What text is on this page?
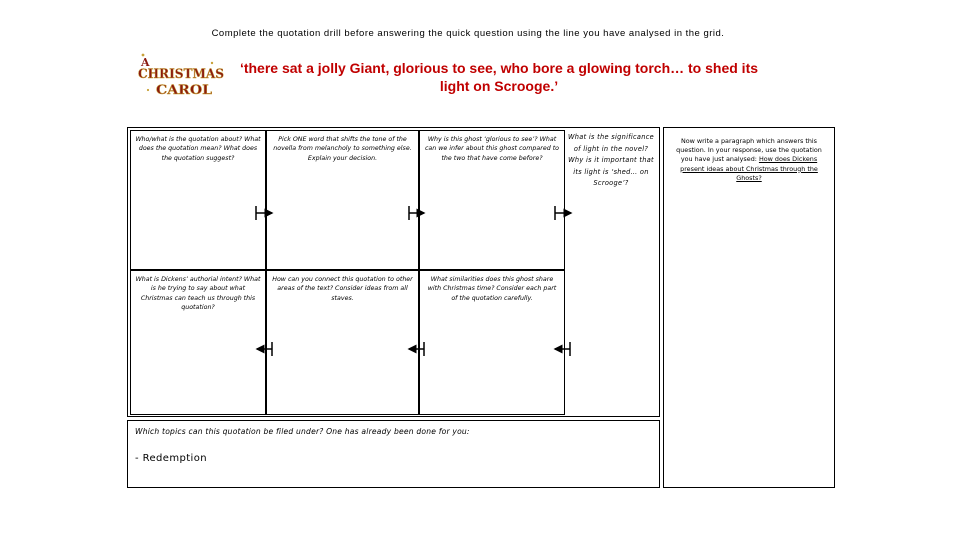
Complete the quotation drill before answering the quick question using the line you have analysed in the grid.
A
CHRISTMAS
CAROL
‘there sat a jolly Giant, glorious to see, who bore a glowing torch… to shed its light on Scrooge.’
Who/what is the quotation about? What does the quotation mean? What does the quotation suggest?
Pick ONE word that shifts the tone of the novella from melancholy to something else. Explain your decision.
Why is this ghost ‘glorious to see’? What can we infer about this ghost compared to the two that have come before?
What is Dickens’ authorial intent? What is he trying to say about what Christmas can teach us through this quotation?
How can you connect this quotation to other areas of the text? Consider ideas from all staves.
What similarities does this ghost share with Christmas time? Consider each part of the quotation carefully.
What is the significance of light in the novel? Why is it important that its light is ‘shed… on Scrooge’?
Now write a paragraph which answers this question. In your response, use the quotation you have just analysed: How does Dickens present ideas about Christmas through the Ghosts?
Which topics can this quotation be filed under? One has already been done for you:
- Redemption
